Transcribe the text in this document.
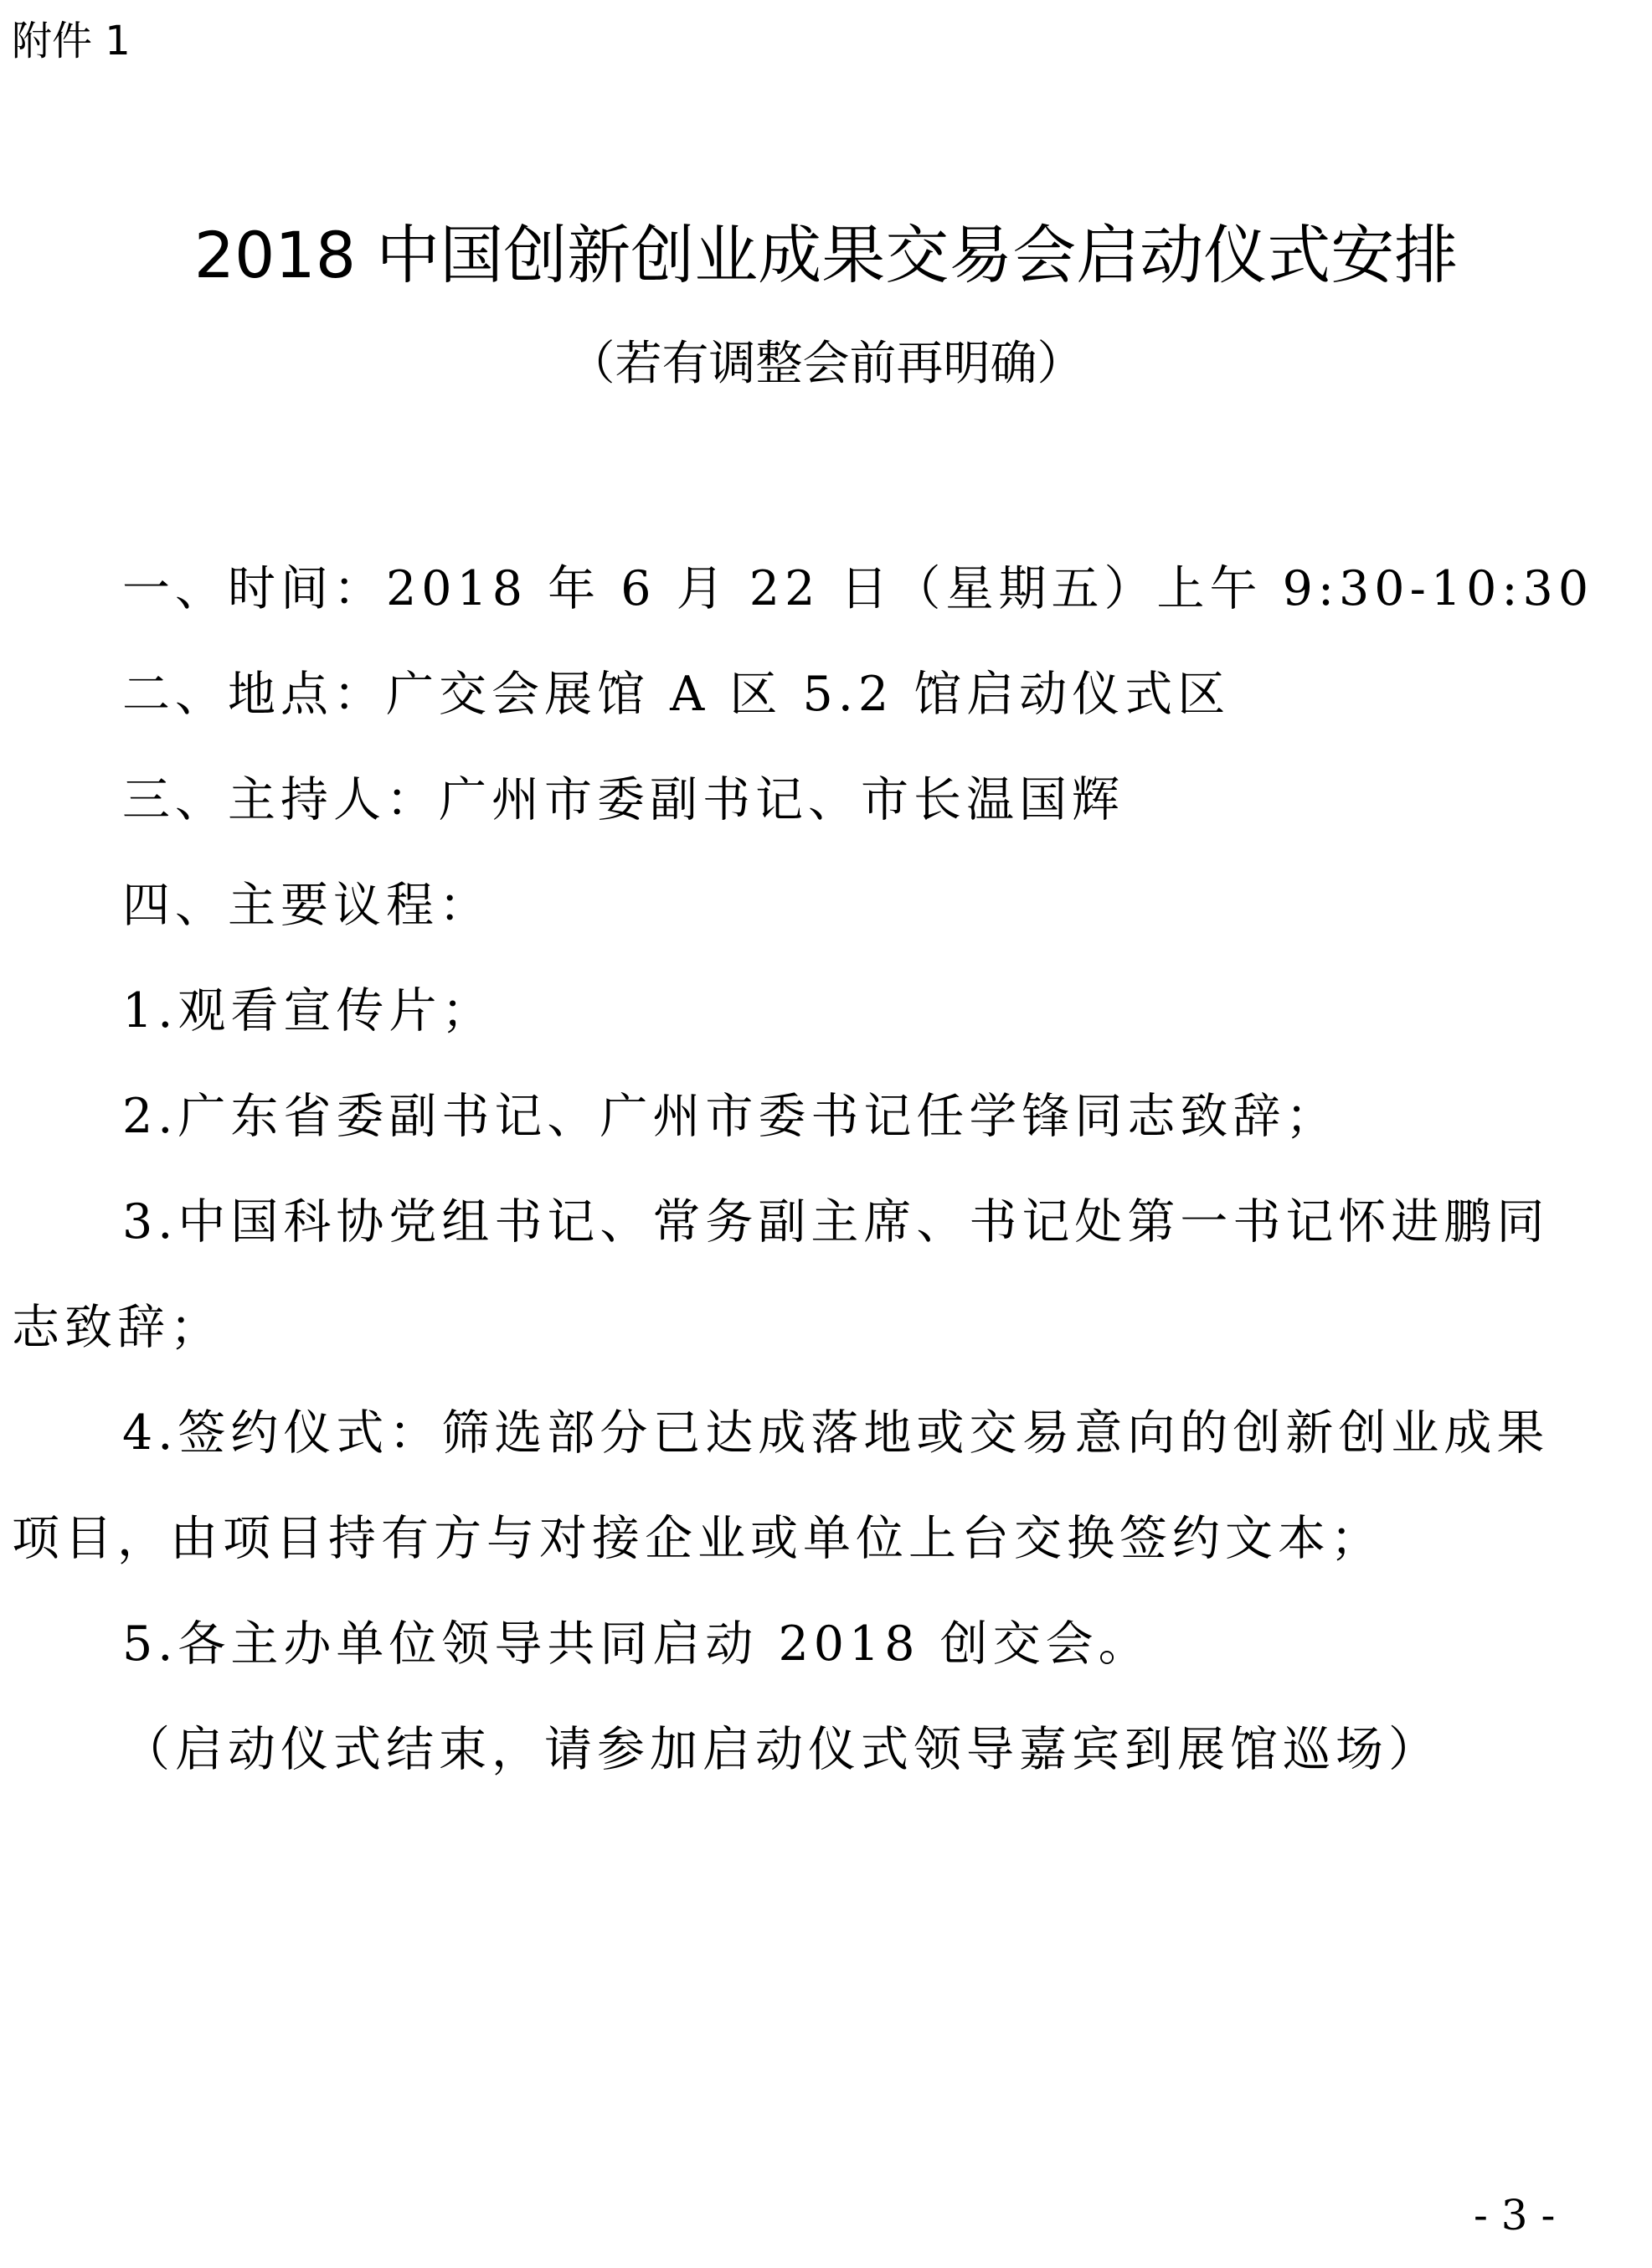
附件 1
2018 中国创新创业成果交易会启动仪式安排
（若有调整会前再明确）

一、时间：2018 年 6 月 22 日（星期五）上午 9:30-10:30

二、地点：广交会展馆 A 区 5.2 馆启动仪式区

三、主持人：广州市委副书记、市长温国辉

四、主要议程：

1.观看宣传片；

2.广东省委副书记、广州市委书记任学锋同志致辞；

3.中国科协党组书记、常务副主席、书记处第一书记怀进鹏同志致辞；

4.签约仪式：筛选部分已达成落地或交易意向的创新创业成果项目，由项目持有方与对接企业或单位上台交换签约文本；

5.各主办单位领导共同启动 2018 创交会。

（启动仪式结束，请参加启动仪式领导嘉宾到展馆巡场）

- 3 -
